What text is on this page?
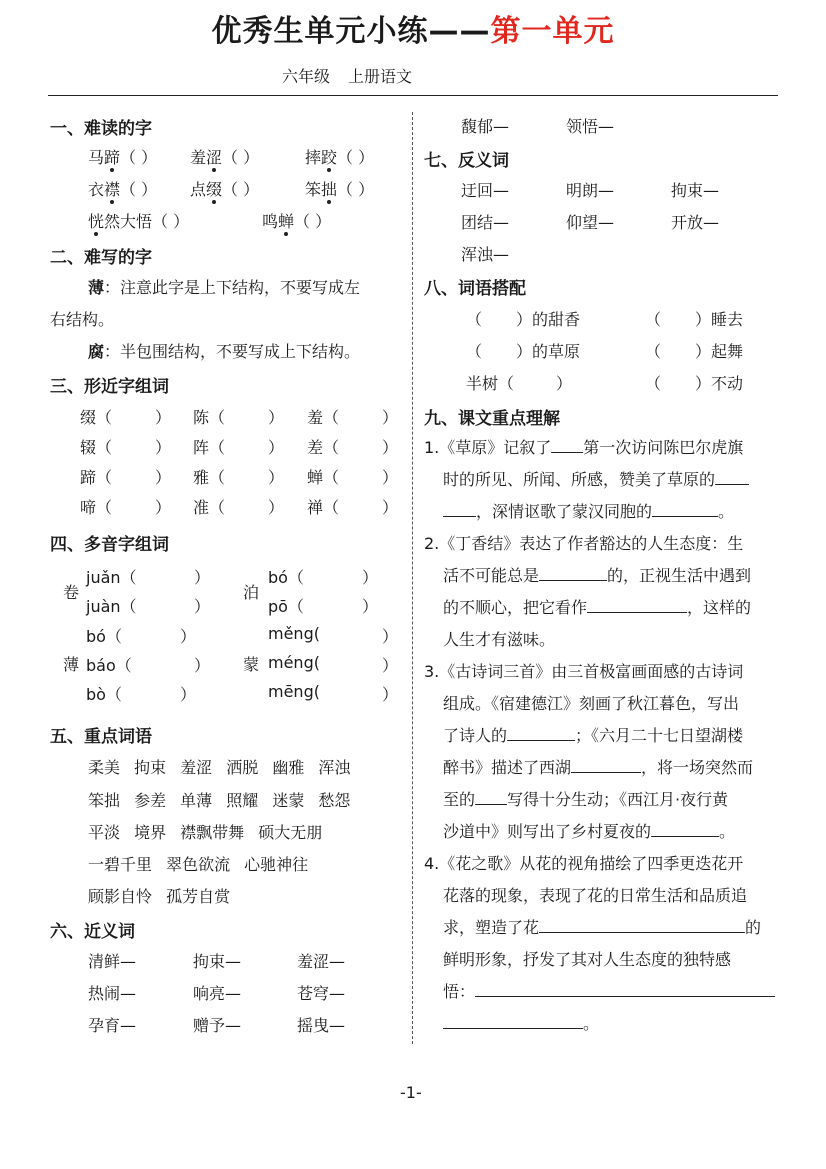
优秀生单元小练——第一单元
六年级 上册语文
一、难读的字
马蹄（ ） 羞涩（ ）	摔跤（ ）
衣襟（ ） 点缀（ ）	笨拙（ ）
恍然大悟（ ）	鸣蝉（ ）
二、难写的字
薄：注意此字是上下结构，不要写成左
右结构。
腐：半包围结构，不要写成上下结构。
三、形近字组词
缀（	） 陈（	） 羞（	）
辍（	） 阵（	） 差（	）
蹄（	） 雅（	） 蝉（	）
啼（	） 准（	） 禅（	）
四、多音字组词
卷
juǎn（	）
juàn（	）
泊
bó（	）
pō（	）
薄
bó（	）
báo（	）
bò（	）
蒙
měng(	）
méng(	）
mēng(	）
五、重点词语
柔美 拘束 羞涩 洒脱 幽雅 浑浊
笨拙 参差 单薄 照耀 迷蒙 愁怨
平淡 境界 襟飘带舞 硕大无朋
一碧千里 翠色欲流 心驰神往
顾影自怜 孤芳自赏
六、近义词
清鲜—	拘束—	羞涩—
热闹—	响亮—	苍穹—
孕育—	赠予—	摇曳—
馥郁—	领悟—
七、反义词
迂回—	明朗—	拘束—
团结—	仰望—	开放—
浑浊—
八、词语搭配
（ ）的甜香	（ ）睡去
（ ）的草原	（ ）起舞
半树（	）	（ ）不动
九、课文重点理解
1.《草原》记叙了 第一次访问陈巴尔虎旗
时的所见、所闻、所感，赞美了草原的
，深情讴歌了蒙汉同胞的	。
2.《丁香结》表达了作者豁达的人生态度：生
活不可能总是	的，正视生活中遇到
的不顺心，把它看作	，这样的
人生才有滋味。
3.《古诗词三首》由三首极富画面感的古诗词
组成。《宿建德江》刻画了秋江暮色，写出
了诗人的	；《六月二十七日望湖楼
醉书》描述了西湖	，将一场突然而
至的 写得十分生动；《西江月·夜行黄
沙道中》则写出了乡村夏夜的	。
4.《花之歌》从花的视角描绘了四季更迭花开
花落的现象，表现了花的日常生活和品质追
求，塑造了花	的
鲜明形象，抒发了其对人生态度的独特感
悟：
。
-1-
